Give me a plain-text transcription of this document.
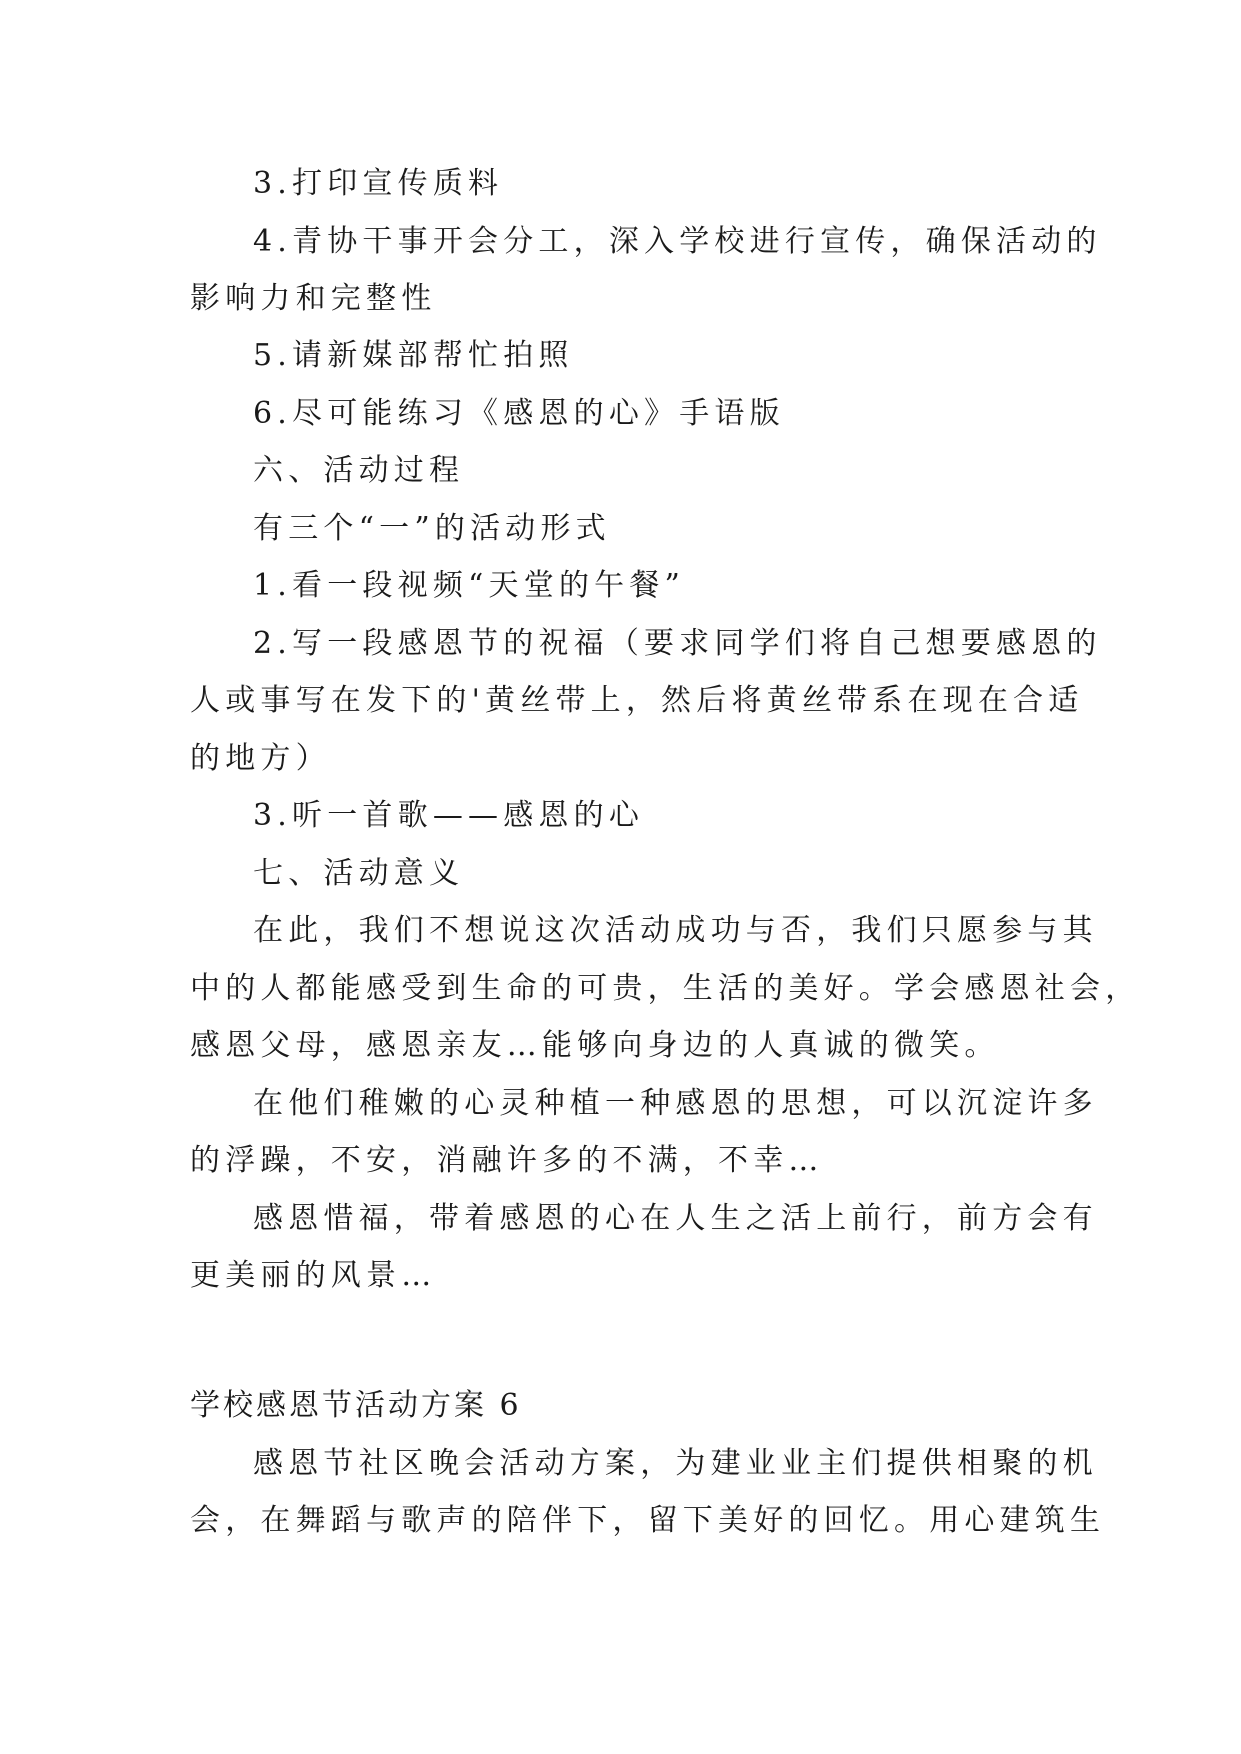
3.打印宣传质料
4.青协干事开会分工，深入学校进行宣传，确保活动的
影响力和完整性
5.请新媒部帮忙拍照
6.尽可能练习《感恩的心》手语版
六、活动过程
有三个“一”的活动形式
1.看一段视频“天堂的午餐”
2.写一段感恩节的祝福（要求同学们将自己想要感恩的
人或事写在发下的'黄丝带上，然后将黄丝带系在现在合适
的地方）
3.听一首歌——感恩的心
七、活动意义
在此，我们不想说这次活动成功与否，我们只愿参与其
中的人都能感受到生命的可贵，生活的美好。学会感恩社会，
感恩父母，感恩亲友…能够向身边的人真诚的微笑。
在他们稚嫩的心灵种植一种感恩的思想，可以沉淀许多
的浮躁，不安，消融许多的不满，不幸…
感恩惜福，带着感恩的心在人生之活上前行，前方会有
更美丽的风景…
学校感恩节活动方案 6
感恩节社区晚会活动方案，为建业业主们提供相聚的机
会，在舞蹈与歌声的陪伴下，留下美好的回忆。用心建筑生
